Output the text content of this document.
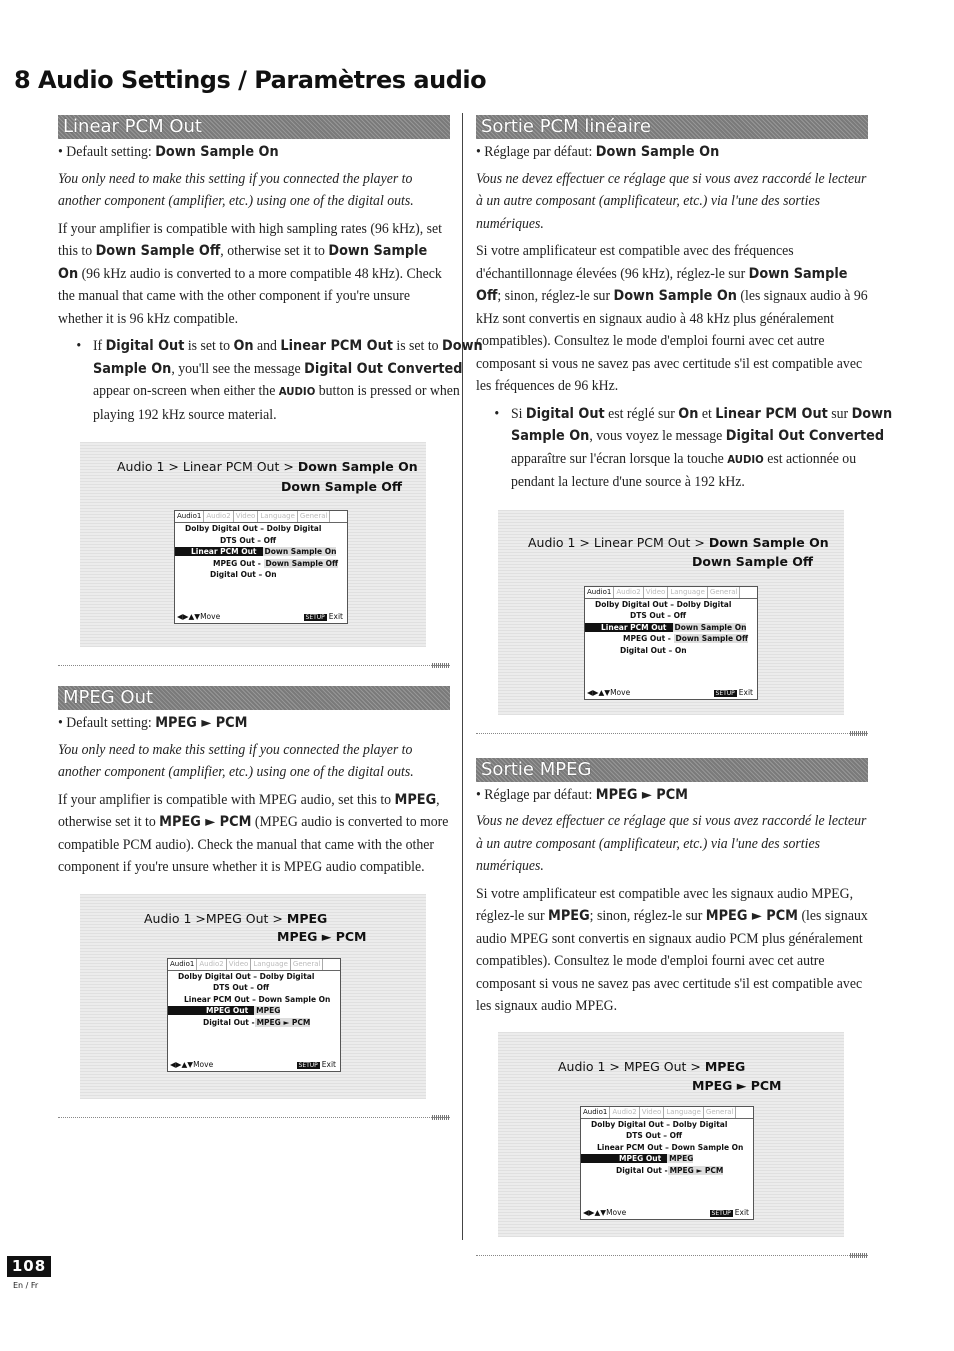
8 Audio Settings / Paramètres audio
Linear PCM Out

• Default setting: Down Sample On

You only need to make this setting if you connected the player to another component (amplifier, etc.) using one of the digital outs.

If your amplifier is compatible with high sampling rates (96 kHz), set this to Down Sample Off, otherwise set it to Down Sample On (96 kHz audio is converted to a more compatible 48 kHz). Check the manual that came with the other component if you're unsure whether it is 96 kHz compatible.

• If Digital Out is set to On and Linear PCM Out is set to Down Sample On, you'll see the message Digital Out Converted appear on-screen when either the AUDIO button is pressed or when playing 192 kHz source material.

Audio 1 > Linear PCM Out > Down Sample On
Down Sample Off
Audio1 Audio2 Video Language General
Dolby Digital Out – Dolby Digital
DTS Out – Off
Linear PCM Out Down Sample On
MPEG Out - Down Sample Off
Digital Out – On
◀▶▲▼Move	SETUP Exit
MPEG Out

• Default setting: MPEG ► PCM

You only need to make this setting if you connected the player to another component (amplifier, etc.) using one of the digital outs.

If your amplifier is compatible with MPEG audio, set this to MPEG, otherwise set it to MPEG ► PCM (MPEG audio is converted to more compatible PCM audio). Check the manual that came with the other component if you're unsure whether it is MPEG audio compatible.

Audio 1 >MPEG Out > MPEG
MPEG ► PCM
Audio1 Audio2 Video Language General
Dolby Digital Out – Dolby Digital
DTS Out – Off
Linear PCM Out – Down Sample On
MPEG Out MPEG
Digital Out - MPEG ► PCM
◀▶▲▼Move	SETUP Exit
Sortie PCM linéaire

• Réglage par défaut: Down Sample On

Vous ne devez effectuer ce réglage que si vous avez raccordé le lecteur à un autre composant (amplificateur, etc.) via l'une des sorties numériques.

Si votre amplificateur est compatible avec des fréquences d'échantillonnage élevées (96 kHz), réglez-le sur Down Sample Off; sinon, réglez-le sur Down Sample On (les signaux audio à 96 kHz sont convertis en signaux audio à 48 kHz plus généralement compatibles). Consultez le mode d'emploi fourni avec cet autre composant si vous ne savez pas avec certitude s'il est compatible avec les fréquences de 96 kHz.

• Si Digital Out est réglé sur On et Linear PCM Out sur Down Sample On, vous voyez le message Digital Out Converted apparaître sur l'écran lorsque la touche AUDIO est actionnée ou pendant la lecture d'une source à 192 kHz.

Audio 1 > Linear PCM Out > Down Sample On
Down Sample Off
Audio1 Audio2 Video Language General
Dolby Digital Out – Dolby Digital
DTS Out – Off
Linear PCM Out Down Sample On
MPEG Out - Down Sample Off
Digital Out – On
◀▶▲▼Move	SETUP Exit
Sortie MPEG

• Réglage par défaut: MPEG ► PCM

Vous ne devez effectuer ce réglage que si vous avez raccordé le lecteur à un autre composant (amplificateur, etc.) via l'une des sorties numériques.

Si votre amplificateur est compatible avec les signaux audio MPEG, réglez-le sur MPEG; sinon, réglez-le sur MPEG ► PCM (les signaux audio MPEG sont convertis en signaux audio PCM plus généralement compatibles). Consultez le mode d'emploi fourni avec cet autre composant si vous ne savez pas avec certitude s'il est compatible avec les signaux audio MPEG.

Audio 1 > MPEG Out > MPEG
MPEG ► PCM
Audio1 Audio2 Video Language General
Dolby Digital Out – Dolby Digital
DTS Out – Off
Linear PCM Out – Down Sample On
MPEG Out MPEG
Digital Out - MPEG ► PCM
◀▶▲▼Move	SETUP Exit
108
En / Fr
